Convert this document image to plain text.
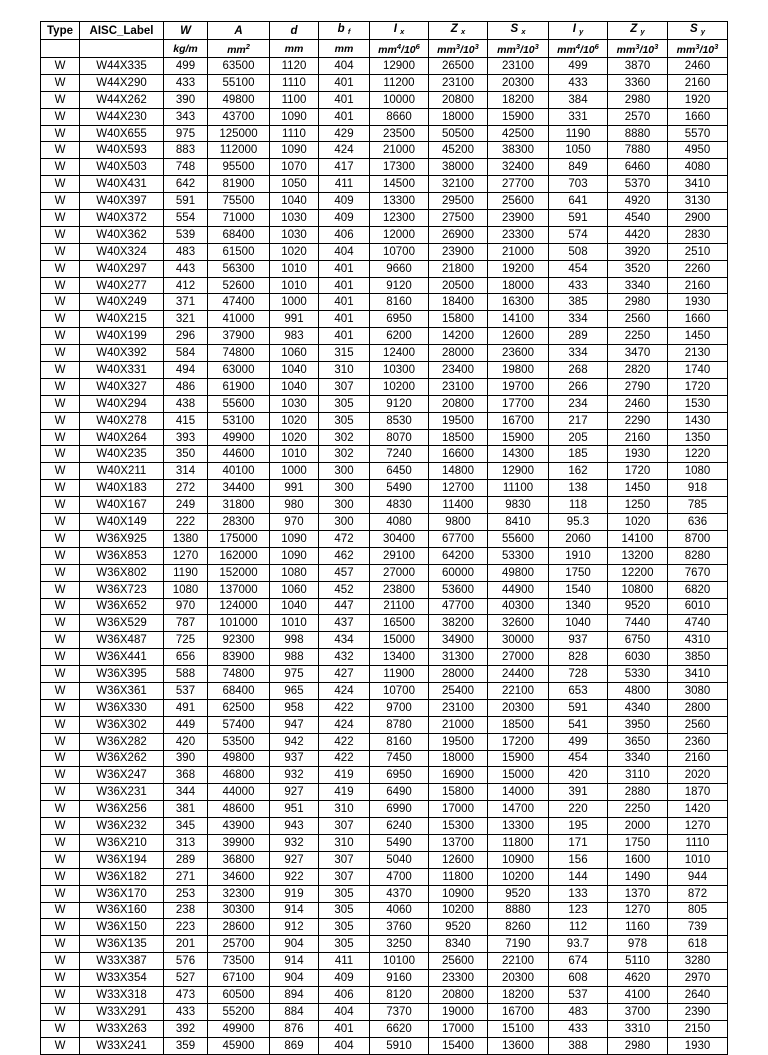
Type	AISC_Label	W	A	d	b $_f$	I $_x$	Z $_x$	S $_x$	I $_y$	Z $_y$	S $_y$
		kg/m	$mm^2$	mm	mm	$mm^4/10^6$	$mm^3/10^3$	$mm^3/10^3$	$mm^4/10^6$	$mm^3/10^3$	$mm^3/10^3$
W	W44X335	499	63500	1120	404	12900	26500	23100	499	3870	2460
W	W44X290	433	55100	1110	401	11200	23100	20300	433	3360	2160
W	W44X262	390	49800	1100	401	10000	20800	18200	384	2980	1920
W	W44X230	343	43700	1090	401	8660	18000	15900	331	2570	1660
W	W40X655	975	125000	1110	429	23500	50500	42500	1190	8880	5570
W	W40X593	883	112000	1090	424	21000	45200	38300	1050	7880	4950
W	W40X503	748	95500	1070	417	17300	38000	32400	849	6460	4080
W	W40X431	642	81900	1050	411	14500	32100	27700	703	5370	3410
W	W40X397	591	75500	1040	409	13300	29500	25600	641	4920	3130
W	W40X372	554	71000	1030	409	12300	27500	23900	591	4540	2900
W	W40X362	539	68400	1030	406	12000	26900	23300	574	4420	2830
W	W40X324	483	61500	1020	404	10700	23900	21000	508	3920	2510
W	W40X297	443	56300	1010	401	9660	21800	19200	454	3520	2260
W	W40X277	412	52600	1010	401	9120	20500	18000	433	3340	2160
W	W40X249	371	47400	1000	401	8160	18400	16300	385	2980	1930
W	W40X215	321	41000	991	401	6950	15800	14100	334	2560	1660
W	W40X199	296	37900	983	401	6200	14200	12600	289	2250	1450
W	W40X392	584	74800	1060	315	12400	28000	23600	334	3470	2130
W	W40X331	494	63000	1040	310	10300	23400	19800	268	2820	1740
W	W40X327	486	61900	1040	307	10200	23100	19700	266	2790	1720
W	W40X294	438	55600	1030	305	9120	20800	17700	234	2460	1530
W	W40X278	415	53100	1020	305	8530	19500	16700	217	2290	1430
W	W40X264	393	49900	1020	302	8070	18500	15900	205	2160	1350
W	W40X235	350	44600	1010	302	7240	16600	14300	185	1930	1220
W	W40X211	314	40100	1000	300	6450	14800	12900	162	1720	1080
W	W40X183	272	34400	991	300	5490	12700	11100	138	1450	918
W	W40X167	249	31800	980	300	4830	11400	9830	118	1250	785
W	W40X149	222	28300	970	300	4080	9800	8410	95.3	1020	636
W	W36X925	1380	175000	1090	472	30400	67700	55600	2060	14100	8700
W	W36X853	1270	162000	1090	462	29100	64200	53300	1910	13200	8280
W	W36X802	1190	152000	1080	457	27000	60000	49800	1750	12200	7670
W	W36X723	1080	137000	1060	452	23800	53600	44900	1540	10800	6820
W	W36X652	970	124000	1040	447	21100	47700	40300	1340	9520	6010
W	W36X529	787	101000	1010	437	16500	38200	32600	1040	7440	4740
W	W36X487	725	92300	998	434	15000	34900	30000	937	6750	4310
W	W36X441	656	83900	988	432	13400	31300	27000	828	6030	3850
W	W36X395	588	74800	975	427	11900	28000	24400	728	5330	3410
W	W36X361	537	68400	965	424	10700	25400	22100	653	4800	3080
W	W36X330	491	62500	958	422	9700	23100	20300	591	4340	2800
W	W36X302	449	57400	947	424	8780	21000	18500	541	3950	2560
W	W36X282	420	53500	942	422	8160	19500	17200	499	3650	2360
W	W36X262	390	49800	937	422	7450	18000	15900	454	3340	2160
W	W36X247	368	46800	932	419	6950	16900	15000	420	3110	2020
W	W36X231	344	44000	927	419	6490	15800	14000	391	2880	1870
W	W36X256	381	48600	951	310	6990	17000	14700	220	2250	1420
W	W36X232	345	43900	943	307	6240	15300	13300	195	2000	1270
W	W36X210	313	39900	932	310	5490	13700	11800	171	1750	1110
W	W36X194	289	36800	927	307	5040	12600	10900	156	1600	1010
W	W36X182	271	34600	922	307	4700	11800	10200	144	1490	944
W	W36X170	253	32300	919	305	4370	10900	9520	133	1370	872
W	W36X160	238	30300	914	305	4060	10200	8880	123	1270	805
W	W36X150	223	28600	912	305	3760	9520	8260	112	1160	739
W	W36X135	201	25700	904	305	3250	8340	7190	93.7	978	618
W	W33X387	576	73500	914	411	10100	25600	22100	674	5110	3280
W	W33X354	527	67100	904	409	9160	23300	20300	608	4620	2970
W	W33X318	473	60500	894	406	8120	20800	18200	537	4100	2640
W	W33X291	433	55200	884	404	7370	19000	16700	483	3700	2390
W	W33X263	392	49900	876	401	6620	17000	15100	433	3310	2150
W	W33X241	359	45900	869	404	5910	15400	13600	388	2980	1930
